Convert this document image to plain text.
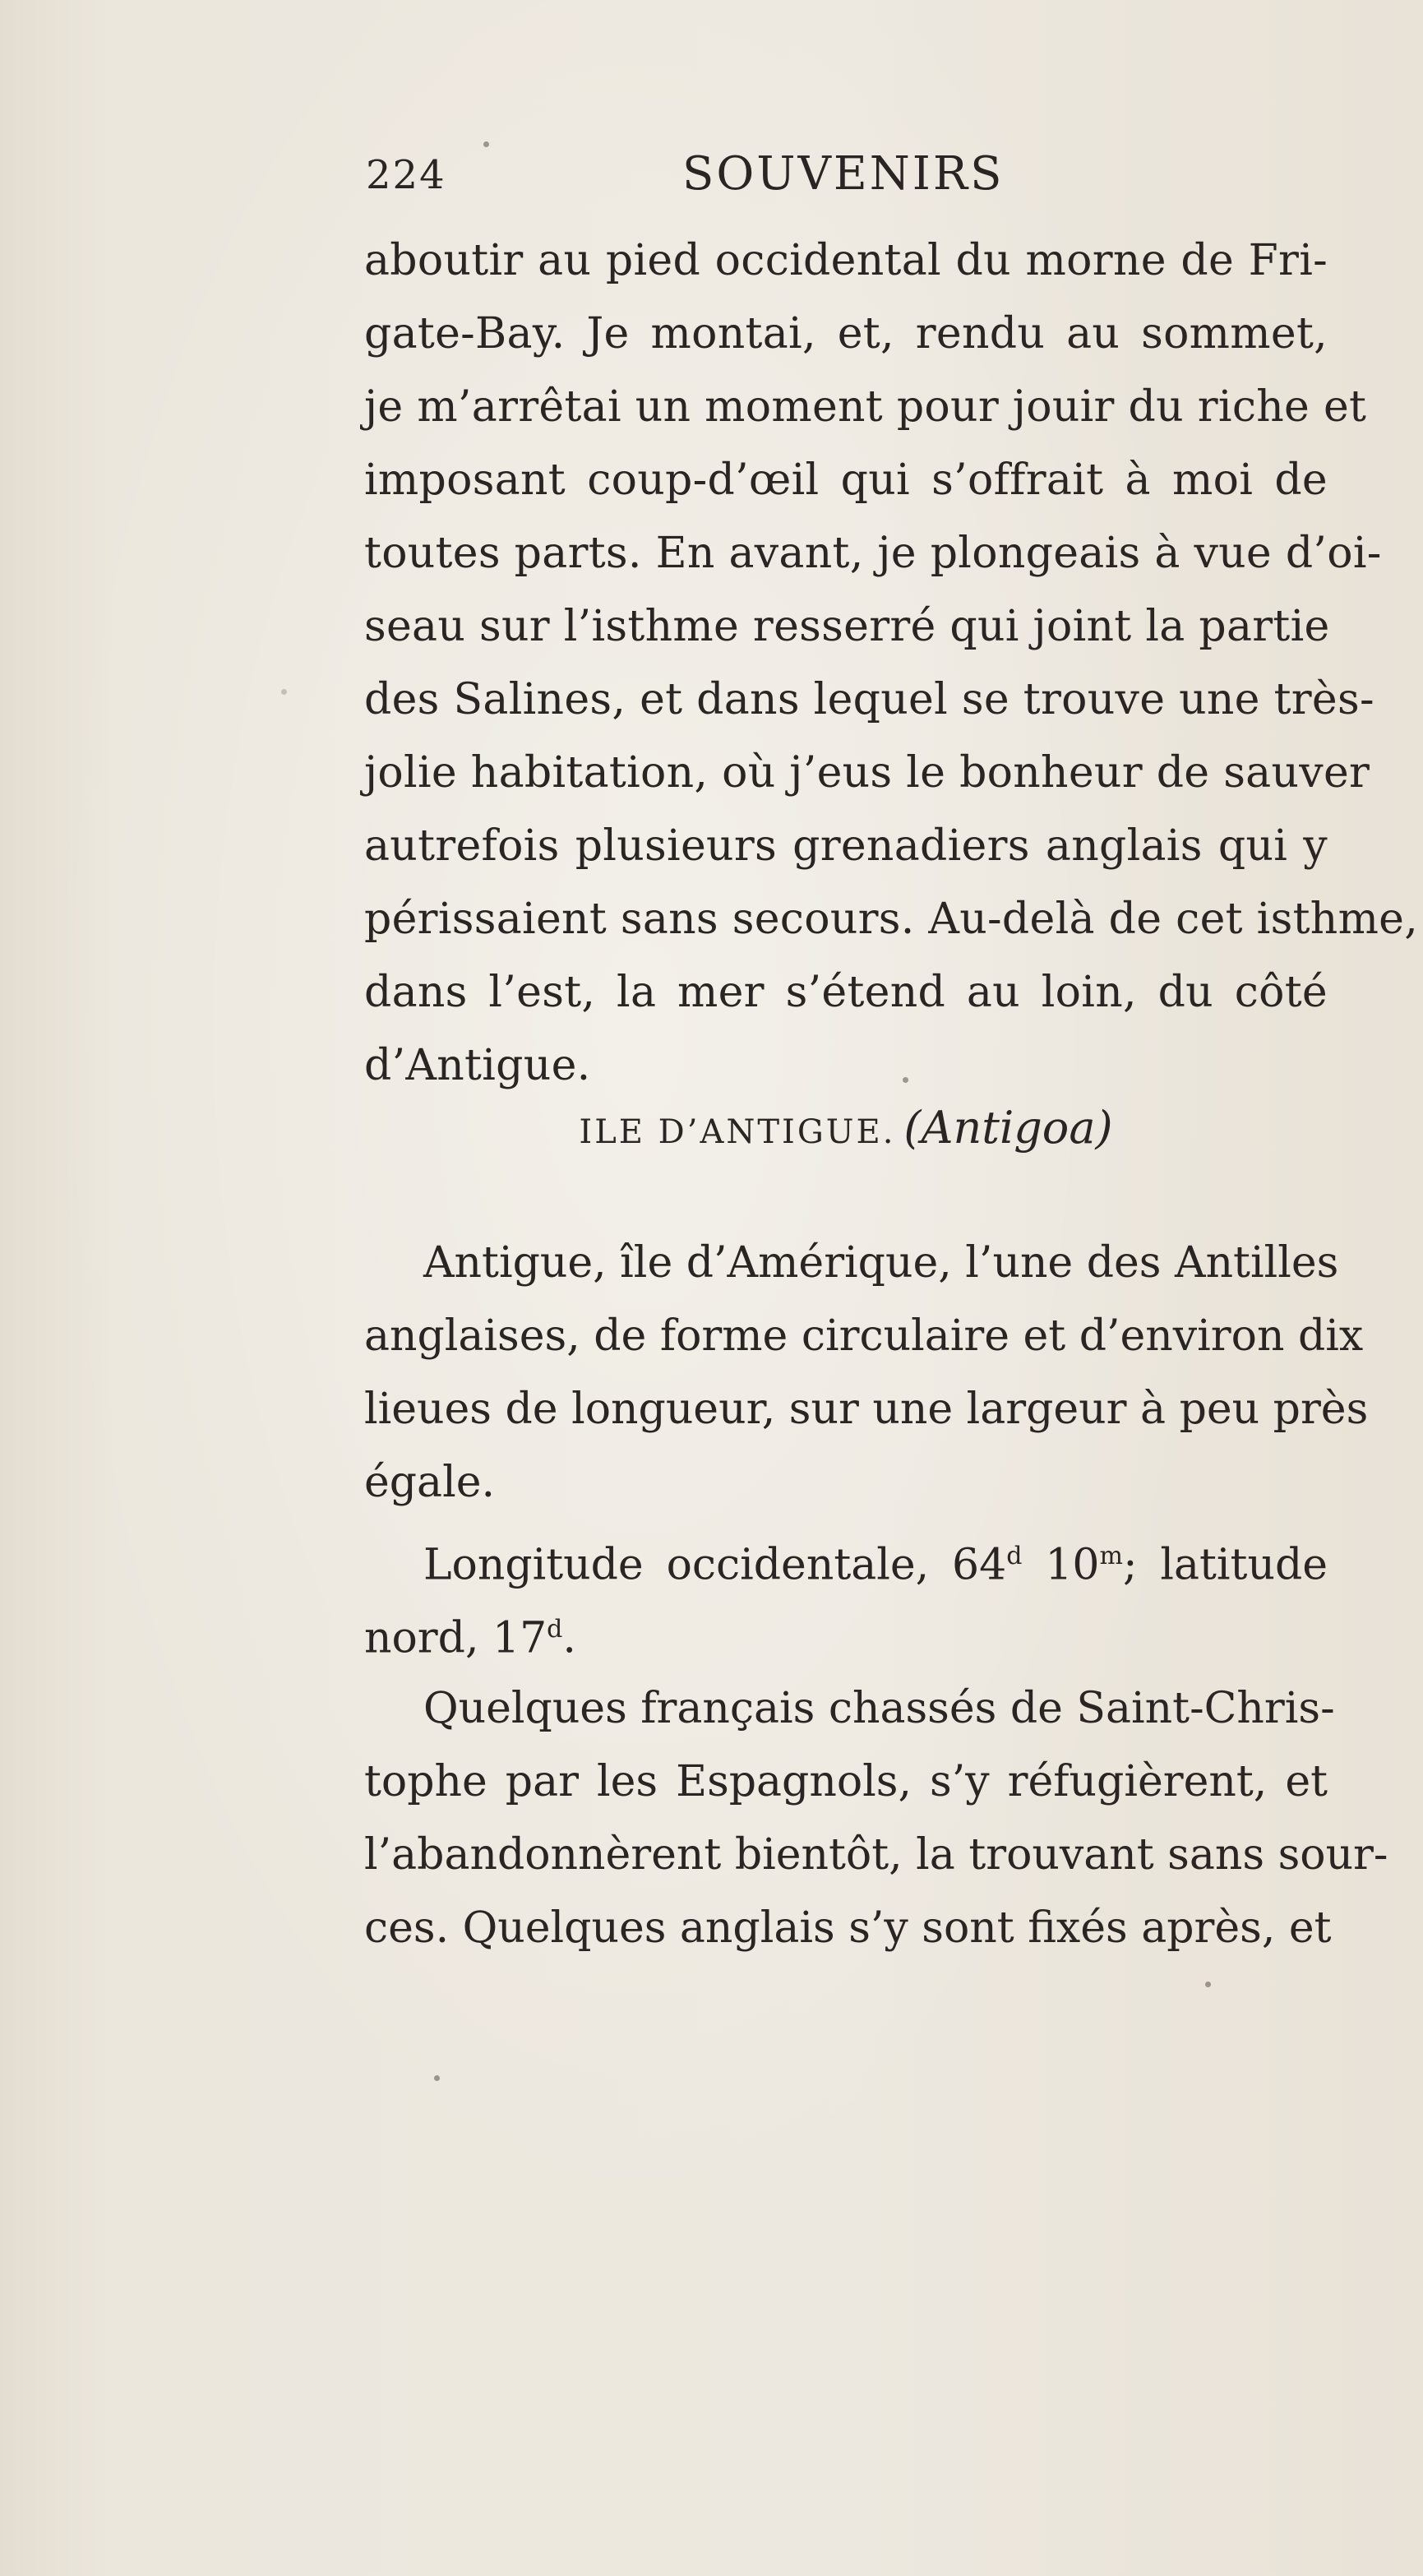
224	SOUVENIRS
aboutir au pied occidental du morne de Fri-
gate-Bay. Je montai, et, rendu au sommet,
je m’arrêtai un moment pour jouir du riche et
imposant coup-d’œil qui s’offrait à moi de
toutes parts. En avant, je plongeais à vue d’oi-
seau sur l’isthme resserré qui joint la partie
des Salines, et dans lequel se trouve une très-
jolie habitation, où j’eus le bonheur de sauver
autrefois plusieurs grenadiers anglais qui y
périssaient sans secours. Au-delà de cet isthme,
dans l’est, la mer s’étend au loin, du côté
d’Antigue.
ILE D’ANTIGUE. (Antigoa)
Antigue, île d’Amérique, l’une des Antilles
anglaises, de forme circulaire et d’environ dix
lieues de longueur, sur une largeur à peu près
égale.
Longitude occidentale, 64$^d$ 10$^m$; latitude
nord, 17$^d$.
Quelques français chassés de Saint-Chris-
tophe par les Espagnols, s’y réfugièrent, et
l’abandonnèrent bientôt, la trouvant sans sour-
ces. Quelques anglais s’y sont fixés après, et
